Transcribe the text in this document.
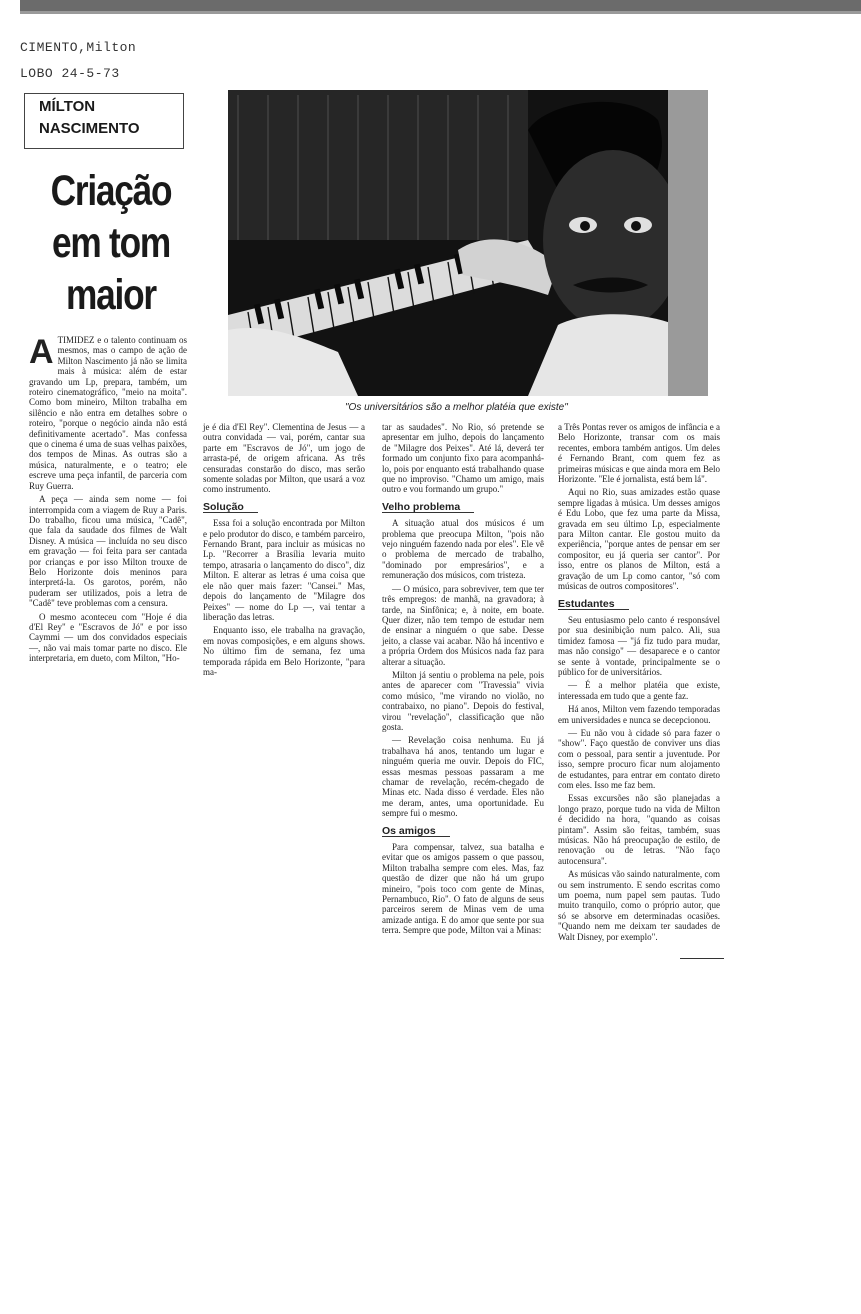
CIMENTO,Milton
LOBO 24-5-73
MÍLTON
NASCIMENTO
Criação
em tom
maior
"Os universitários são a melhor platéia que existe"

ATIMIDEZ e o talento continuam os mesmos, mas o campo de ação de Milton Nascimento já não se limita mais à música: além de estar gravando um Lp, prepara, também, um roteiro cinematográfico, "meio na moita". Como bom mineiro, Milton trabalha em silêncio e não entra em detalhes sobre o roteiro, "porque o negócio ainda não está definitivamente acertado". Mas confessa que o cinema é uma de suas velhas paixões, dos tempos de Minas. As outras são a música, naturalmente, e o teatro; ele escreve uma peça infantil, de parceria com Ruy Guerra.

A peça — ainda sem nome — foi interrompida com a viagem de Ruy a Paris. Do trabalho, ficou uma música, "Cadê", que fala da saudade dos filmes de Walt Disney. A música — incluída no seu disco em gravação — foi feita para ser cantada por crianças e por isso Milton trouxe de Belo Horizonte dois meninos para interpretá-la. Os garotos, porém, não puderam ser utilizados, pois a letra de "Cadê" teve problemas com a censura.

O mesmo aconteceu com "Hoje é dia d'El Rey" e "Escravos de Jó" e por isso Caymmi — um dos convidados especiais —, não vai mais tomar parte no disco. Ele interpretaria, em dueto, com Milton, "Ho-

je é dia d'El Rey". Clementina de Jesus — a outra convidada — vai, porém, cantar sua parte em "Escravos de Jó", um jogo de arrasta-pé, de origem africana. As três censuradas constarão do disco, mas serão somente soladas por Milton, que usará a voz como instrumento.

Solução

Essa foi a solução encontrada por Milton e pelo produtor do disco, e também parceiro, Fernando Brant, para incluir as músicas no Lp. "Recorrer a Brasília levaria muito tempo, atrasaria o lançamento do disco", diz Milton. E alterar as letras é uma coisa que ele não quer mais fazer: "Cansei." Mas, depois do lançamento de "Milagre dos Peixes" — nome do Lp —, vai tentar a liberação das letras.

Enquanto isso, ele trabalha na gravação, em novas composições, e em alguns shows. No último fim de semana, fez uma temporada rápida em Belo Horizonte, "para ma-

tar as saudades". No Rio, só pretende se apresentar em julho, depois do lançamento de "Milagre dos Peixes". Até lá, deverá ter formado um conjunto fixo para acompanhá-lo, pois por enquanto está trabalhando quase que no improviso. "Chamo um amigo, mais outro e vou formando um grupo."

Velho problema

A situação atual dos músicos é um problema que preocupa Milton, "pois não vejo ninguém fazendo nada por eles". Ele vê o problema de mercado de trabalho, "dominado por empresários", e a remuneração dos músicos, com tristeza.

— O músico, para sobreviver, tem que ter três empregos: de manhã, na gravadora; à tarde, na Sinfônica; e, à noite, em boate. Quer dizer, não tem tempo de estudar nem de ensinar a ninguém o que sabe. Desse jeito, a classe vai acabar. Não há incentivo e a própria Ordem dos Músicos nada faz para alterar a situação.

Milton já sentiu o problema na pele, pois antes de aparecer com "Travessia" vivia como músico, "me virando no violão, no contrabaixo, no piano". Depois do festival, virou "revelação", classificação que não gosta.

— Revelação coisa nenhuma. Eu já trabalhava há anos, tentando um lugar e ninguém queria me ouvir. Depois do FIC, essas mesmas pessoas passaram a me chamar de revelação, recém-chegado de Minas etc. Nada disso é verdade. Eles não me deram, antes, uma oportunidade. Eu sempre fui o mesmo.

Os amigos

Para compensar, talvez, sua batalha e evitar que os amigos passem o que passou, Milton trabalha sempre com eles. Mas, faz questão de dizer que não há um grupo mineiro, "pois toco com gente de Minas, Pernambuco, Rio". O fato de alguns de seus parceiros serem de Minas vem de uma amizade antiga. E do amor que sente por sua terra. Sempre que pode, Milton vai a Minas:

a Três Pontas rever os amigos de infância e a Belo Horizonte, transar com os mais recentes, embora também antigos. Um deles é Fernando Brant, com quem fez as primeiras músicas e que ainda mora em Belo Horizonte. "Ele é jornalista, está bem lá".

Aqui no Rio, suas amizades estão quase sempre ligadas à música. Um desses amigos é Edu Lobo, que fez uma parte da Missa, gravada em seu último Lp, especialmente para Milton cantar. Ele gostou muito da experiência, "porque antes de pensar em ser compositor, eu já queria ser cantor". Por isso, entre os planos de Milton, está a gravação de um Lp como cantor, "só com músicas de outros compositores".

Estudantes

Seu entusiasmo pelo canto é responsável por sua desinibição num palco. Ali, sua timidez famosa — "já fiz tudo para mudar, mas não consigo" — desaparece e o cantor se sente à vontade, principalmente se o público for de universitários.

— É a melhor platéia que existe, interessada em tudo que a gente faz.

Há anos, Milton vem fazendo temporadas em universidades e nunca se decepcionou.

— Eu não vou à cidade só para fazer o "show". Faço questão de conviver uns dias com o pessoal, para sentir a juventude. Por isso, sempre procuro ficar num alojamento de estudantes, para entrar em contato direto com eles. Isso me faz bem.

Essas excursões não são planejadas a longo prazo, porque tudo na vida de Milton é decidido na hora, "quando as coisas pintam". Assim são feitas, também, suas músicas. Não há preocupação de estilo, de renovação ou de letras. "Não faço autocensura".

As músicas vão saindo naturalmente, com ou sem instrumento. E sendo escritas como um poema, num papel sem pautas. Tudo muito tranquilo, como o próprio autor, que só se absorve em determinadas ocasiões. "Quando nem me deixam ter saudades de Walt Disney, por exemplo".
